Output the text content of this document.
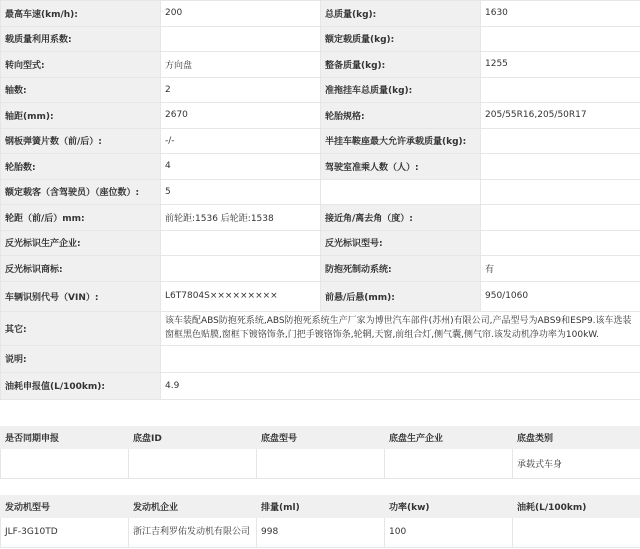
最高车速(km/h):	200	总质量(kg):	1630
载质量利用系数:		额定载质量(kg):	
转向型式:	方向盘	整备质量(kg):	1255
轴数:	2	准拖挂车总质量(kg):	
轴距(mm):	2670	轮胎规格:	205/55R16,205/50R17
钢板弹簧片数（前/后）:	-/-	半挂车鞍座最大允许承载质量(kg):	
轮胎数:	4	驾驶室准乘人数（人）:	
额定载客（含驾驶员）（座位数）:	5		
轮距（前/后）mm:	前轮距:1536 后轮距:1538	接近角/离去角（度）:	
反光标识生产企业:		反光标识型号:	
反光标识商标:		防抱死制动系统:	有
车辆识别代号（VIN）:	L6T7804S×××××××××	前悬/后悬(mm):	950/1060
其它:	该车装配ABS防抱死系统,ABS防抱死系统生产厂家为博世汽车部件(苏州)有限公司,产品型号为ABS9和ESP9.该车选装窗框黑色贴膜,窗框下镀铬饰条,门把手镀铬饰条,轮辋,天窗,前组合灯,侧气囊,侧气帘.该发动机净功率为100kW.		
说明:			
油耗申报值(L/100km):	4.9		
是否同期申报	底盘ID	底盘型号	底盘生产企业	底盘类别
				承载式车身
发动机型号	发动机企业	排量(ml)	功率(kw)	油耗(L/100km)
JLF-3G10TD	浙江吉利罗佑发动机有限公司	998	100	
